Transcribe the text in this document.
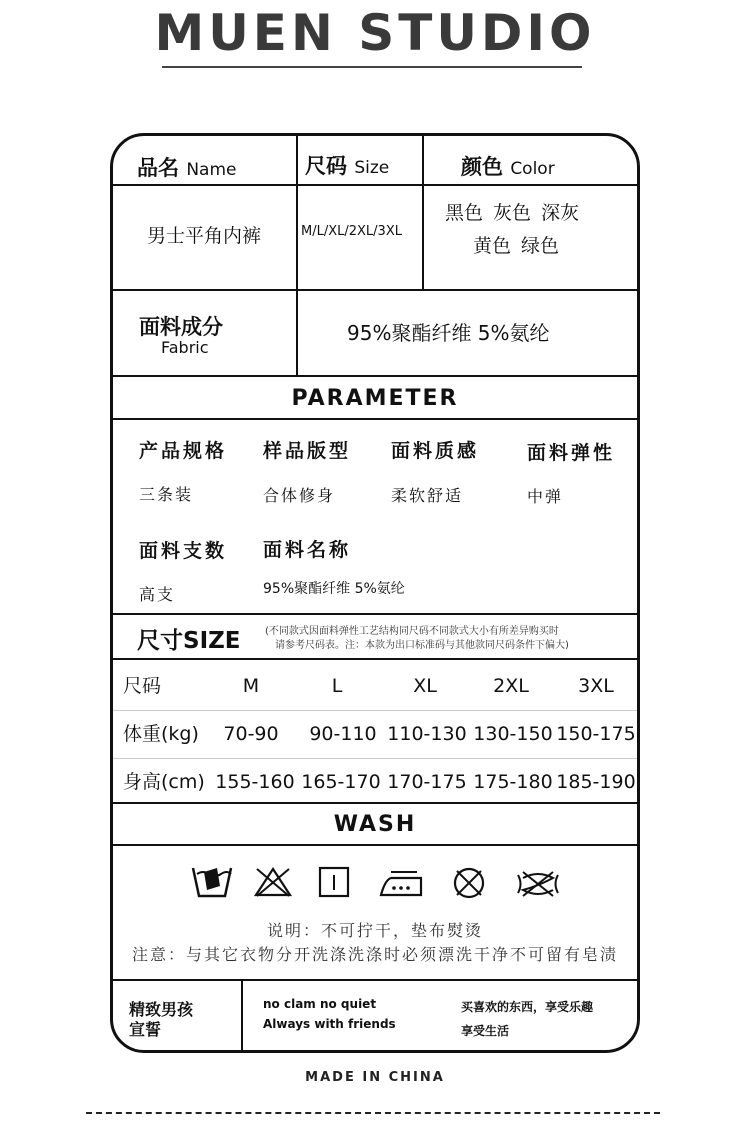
MUEN STUDIO
品名 Name	尺码 Size	颜色 Color
男士平角内裤	M/L/XL/2XL/3XL
黑色 灰色 深灰
黄色 绿色
面料成分
Fabric
95%聚酯纤维 5%氨纶
PARAMETER
产品规格 样品版型 面料质感	面料弹性
三条装	合体修身	柔软舒适	中弹
面料支数 面料名称
高支	95%聚酯纤维 5%氨纶
尺寸SIZE (不同款式因面料弹性工艺结构同尺码不同款式大小有所差异购买时
请参考尺码表。注：本款为出口标准码与其他款同尺码条件下偏大)
尺码	M	L	XL	2XL	3XL
体重(kg)	70-90	90-110 110-130 130-150 150-175
身高(cm) 155-160 165-170 170-175 175-180 185-190
WASH
说明：不可拧干，垫布熨烫
注意：与其它衣物分开洗涤洗涤时必须漂洗干净不可留有皂渍
精致男孩
宣誓
no clam no quiet
Always with friends
买喜欢的东西，享受乐趣
享受生活
MADE IN CHINA
